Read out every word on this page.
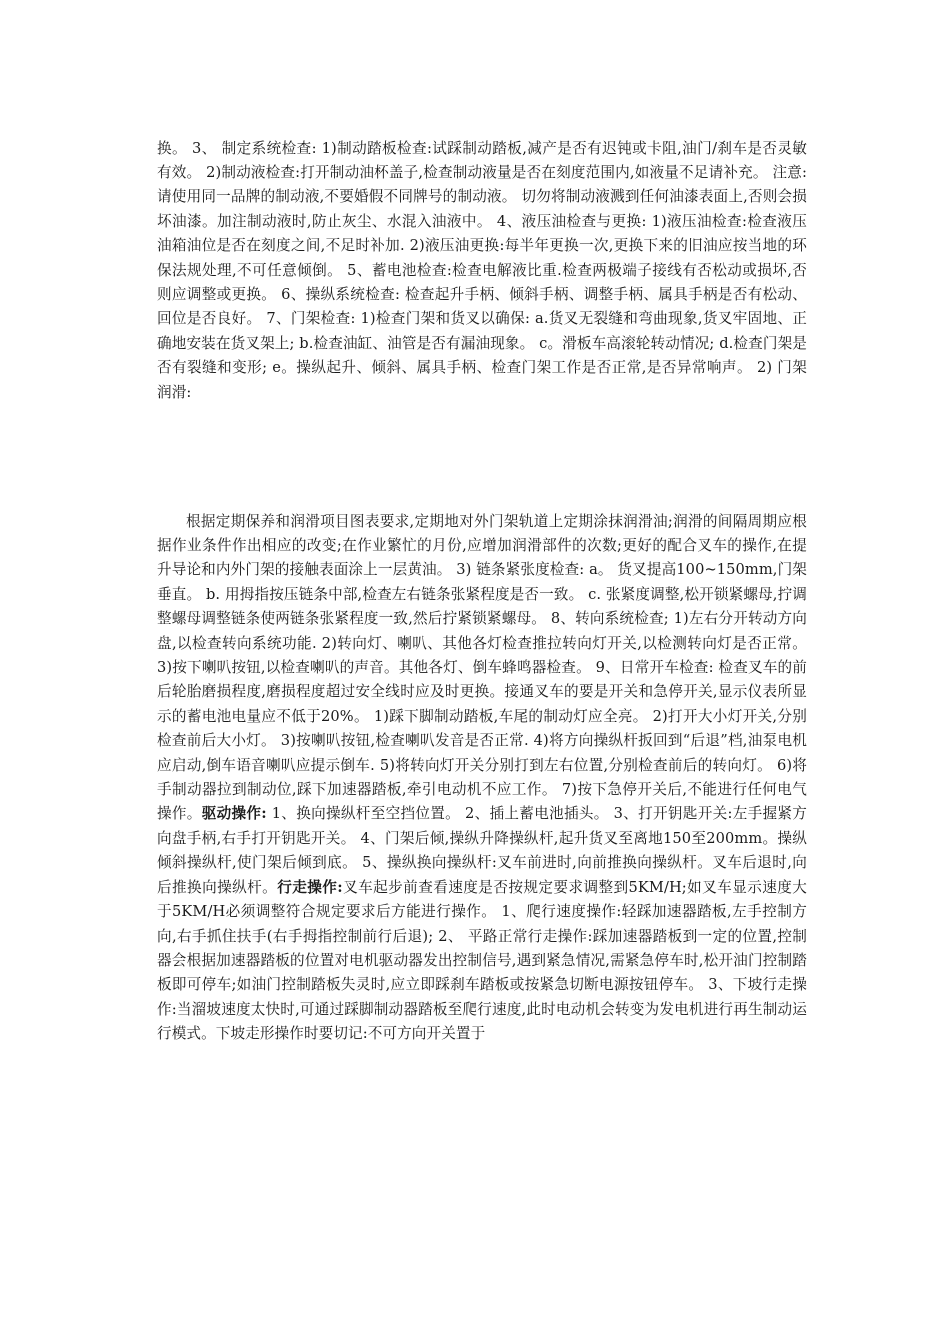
换。 3、 制定系统检查: 1)制动踏板检查:试踩制动踏板,减产是否有迟钝或卡阻,油门/刹车是否灵敏有效。 2)制动液检查:打开制动油杯盖子,检查制动液量是否在刻度范围内,如液量不足请补充。 注意: 请使用同一品牌的制动液,不要婚假不同牌号的制动液。 切勿将制动液溅到任何油漆表面上,否则会损坏油漆。加注制动液时,防止灰尘、水混入油液中。 4、液压油检查与更换: 1)液压油检查:检查液压油箱油位是否在刻度之间,不足时补加. 2)液压油更换:每半年更换一次,更换下来的旧油应按当地的环保法规处理,不可任意倾倒。 5、蓄电池检查:检查电解液比重.检查两极端子接线有否松动或损坏,否则应调整或更换。 6、操纵系统检查: 检查起升手柄、倾斜手柄、调整手柄、属具手柄是否有松动、回位是否良好。 7、门架检查: 1)检查门架和货叉以确保: a.货叉无裂缝和弯曲现象,货叉牢固地、正确地安装在货叉架上; b.检查油缸、油管是否有漏油现象。 c。滑板车高滚轮转动情况; d.检查门架是否有裂缝和变形; e。操纵起升、倾斜、属具手柄、检查门架工作是否正常,是否异常响声。 2) 门架润滑:

根据定期保养和润滑项目图表要求,定期地对外门架轨道上定期涂抹润滑油;润滑的间隔周期应根据作业条件作出相应的改变;在作业繁忙的月份,应增加润滑部件的次数;更好的配合叉车的操作,在提升导论和内外门架的接触表面涂上一层黄油。 3) 链条紧张度检查: a。 货叉提高100~150mm,门架垂直。 b. 用拇指按压链条中部,检查左右链条张紧程度是否一致。 c. 张紧度调整,松开锁紧螺母,拧调整螺母调整链条使两链条张紧程度一致,然后拧紧锁紧螺母。 8、转向系统检查; 1)左右分开转动方向盘,以检查转向系统功能. 2)转向灯、喇叭、其他各灯检查推拉转向灯开关,以检测转向灯是否正常。 3)按下喇叭按钮,以检查喇叭的声音。其他各灯、倒车蜂鸣器检查。 9、日常开车检查: 检查叉车的前后轮胎磨损程度,磨损程度超过安全线时应及时更换。接通叉车的要是开关和急停开关,显示仪表所显示的蓄电池电量应不低于20%。 1)踩下脚制动踏板,车尾的制动灯应全亮。 2)打开大小灯开关,分别检查前后大小灯。 3)按喇叭按钮,检查喇叭发音是否正常. 4)将方向操纵杆扳回到“后退”档,油泵电机应启动,倒车语音喇叭应提示倒车. 5)将转向灯开关分别打到左右位置,分别检查前后的转向灯。 6)将手制动器拉到制动位,踩下加速器踏板,牵引电动机不应工作。 7)按下急停开关后,不能进行任何电气操作。驱动操作: 1、换向操纵杆至空挡位置。 2、插上蓄电池插头。 3、打开钥匙开关:左手握紧方向盘手柄,右手打开钥匙开关。 4、门架后倾,操纵升降操纵杆,起升货叉至离地150至200mm。操纵倾斜操纵杆,使门架后倾到底。 5、操纵换向操纵杆:叉车前进时,向前推换向操纵杆。叉车后退时,向后推换向操纵杆。行走操作:叉车起步前查看速度是否按规定要求调整到5KM/H;如叉车显示速度大于5KM/H必须调整符合规定要求后方能进行操作。 1、爬行速度操作:轻踩加速器踏板,左手控制方向,右手抓住扶手(右手拇指控制前行后退); 2、 平路正常行走操作:踩加速器踏板到一定的位置,控制器会根据加速器踏板的位置对电机驱动器发出控制信号,遇到紧急情况,需紧急停车时,松开油门控制踏板即可停车;如油门控制踏板失灵时,应立即踩刹车踏板或按紧急切断电源按钮停车。 3、下坡行走操作:当溜坡速度太快时,可通过踩脚制动器踏板至爬行速度,此时电动机会转变为发电机进行再生制动运行模式。下坡走形操作时要切记:不可方向开关置于
